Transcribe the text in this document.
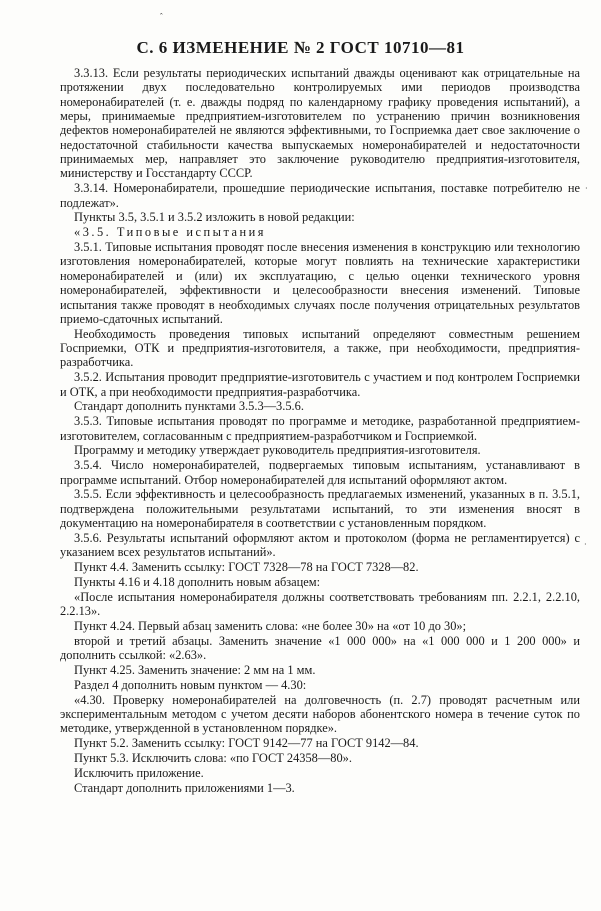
С. 6 ИЗМЕНЕНИЕ № 2 ГОСТ 10710—81

3.3.13. Если результаты периодических испытаний дважды оценивают как отрицательные на протяжении двух последовательно контролируемых ими периодов производства номеронабирателей (т. е. дважды подряд по календарному графику проведения испытаний), а меры, принимаемые предприятием-изготовителем по устранению причин возникновения дефектов номеронабирателей не являются эффективными, то Госприемка дает свое заключение о недостаточной стабильности качества выпускаемых номеронабирателей и недостаточности принимаемых мер, направляет это заключение руководителю предприятия-изготовителя, министерству и Госстандарту СССР.

3.3.14. Номеронабиратели, прошедшие периодические испытания, поставке потребителю не подлежат».

Пункты 3.5, 3.5.1 и 3.5.2 изложить в новой редакции:

«3.5. Типовые испытания

3.5.1. Типовые испытания проводят после внесения изменения в конструкцию или технологию изготовления номеронабирателей, которые могут повлиять на технические характеристики номеронабирателей и (или) их эксплуатацию, с целью оценки технического уровня номеронабирателей, эффективности и целесообразности внесения изменений. Типовые испытания также проводят в необходимых случаях после получения отрицательных результатов приемо-сдаточных испытаний.

Необходимость проведения типовых испытаний определяют совместным решением Госприемки, ОТК и предприятия-изготовителя, а также, при необходимости, предприятия-разработчика.

3.5.2. Испытания проводит предприятие-изготовитель с участием и под контролем Госприемки и ОТК, а при необходимости предприятия-разработчика.

Стандарт дополнить пунктами 3.5.3—3.5.6.

3.5.3. Типовые испытания проводят по программе и методике, разработанной предприятием-изготовителем, согласованным с предприятием-разработчиком и Госприемкой.

Программу и методику утверждает руководитель предприятия-изготовителя.

3.5.4. Число номеронабирателей, подвергаемых типовым испытаниям, устанавливают в программе испытаний. Отбор номеронабирателей для испытаний оформляют актом.

3.5.5. Если эффективность и целесообразность предлагаемых изменений, указанных в п. 3.5.1, подтверждена положительными результатами испытаний, то эти изменения вносят в документацию на номеронабирателя в соответствии с установленным порядком.

3.5.6. Результаты испытаний оформляют актом и протоколом (форма не регламентируется) с указанием всех результатов испытаний».

Пункт 4.4. Заменить ссылку: ГОСТ 7328—78 на ГОСТ 7328—82.

Пункты 4.16 и 4.18 дополнить новым абзацем:

«После испытания номеронабирателя должны соответствовать требованиям пп. 2.2.1, 2.2.10, 2.2.13».

Пункт 4.24. Первый абзац заменить слова: «не более 30» на «от 10 до 30»;

второй и третий абзацы. Заменить значение «1 000 000» на «1 000 000 и 1 200 000» и дополнить ссылкой: «2.63».

Пункт 4.25. Заменить значение: 2 мм на 1 мм.

Раздел 4 дополнить новым пунктом — 4.30:

«4.30. Проверку номеронабирателей на долговечность (п. 2.7) проводят расчетным или экспериментальным методом с учетом десяти наборов абонентского номера в течение суток по методике, утвержденной в установленном порядке».

Пункт 5.2. Заменить ссылку: ГОСТ 9142—77 на ГОСТ 9142—84.

Пункт 5.3. Исключить слова: «по ГОСТ 24358—80».

Исключить приложение.

Стандарт дополнить приложениями 1—3.

ˆ
·
·
